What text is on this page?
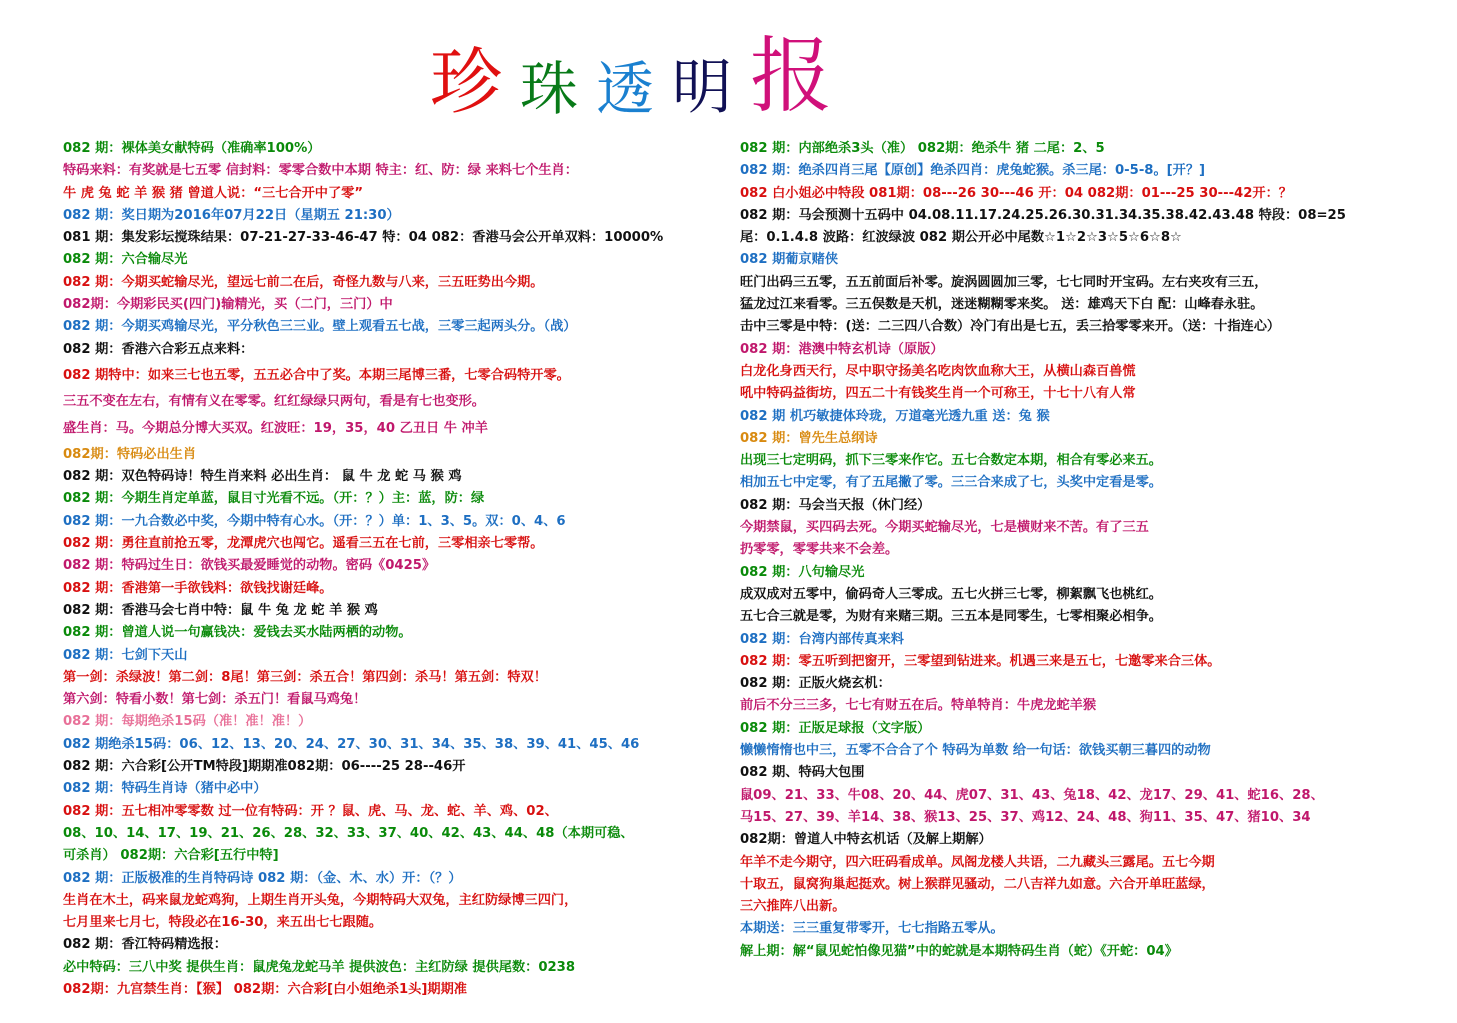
珍 珠 透 明 报
082 期：裸体美女献特码（准确率100%）
特码来料：有奖就是七五零 信封料：零零合数中本期 特主：红、防：绿 来料七个生肖：
牛 虎 兔 蛇 羊 猴 猪 曾道人说：“三七合开中了零”
082 期：奖日期为2016年07月22日（星期五 21:30）
081 期：集发彩坛搅珠结果：07-21-27-33-46-47 特：04 082：香港马会公开单双料：10000%
082 期：六合输尽光
082 期：今期买蛇输尽光，望远七前二在后，奇怪九数与八来，三五旺势出今期。
082期：今期彩民买(四门)输精光，买（二门，三门）中
082 期：今期买鸡输尽光，平分秋色三三业。壁上观看五七战，三零三起两头分。（战）
082 期：香港六合彩五点来料：
082 期特中：如来三七也五零，五五必合中了奖。本期三尾博三番，七零合码特开零。
三五不变在左右，有情有义在零零。红红绿绿只两句，看是有七也变形。
盛生肖：马。今期总分博大买双。红波旺：19，35，40 乙丑日 牛 冲羊
082期：特码必出生肖
082 期：双色特码诗！特生肖来料 必出生肖： 鼠 牛 龙 蛇 马 猴 鸡
082 期：今期生肖定单蓝，鼠目寸光看不远。（开：？）主：蓝，防：绿
082 期：一九合数必中奖，今期中特有心水。（开：？）单：1、3、5。双：0、4、6
082 期：勇往直前抢五零，龙潭虎穴也闯它。遥看三五在七前，三零相亲七零帮。
082 期：特码过生日：欲钱买最爱睡觉的动物。密码《0425》
082 期：香港第一手欲钱料：欲钱找谢廷峰。
082 期：香港马会七肖中特：鼠 牛 兔 龙 蛇 羊 猴 鸡
082 期：曾道人说一句赢钱决：爱钱去买水陆两栖的动物。
082 期：七剑下天山
第一剑：杀绿波！第二剑：8尾！第三剑：杀五合！第四剑：杀马！第五剑：特双！
第六剑：特看小数！第七剑：杀五门！看鼠马鸡兔！
082 期：每期绝杀15码（准！准！准！）
082 期绝杀15码：06、12、13、20、24、27、30、31、34、35、38、39、41、45、46
082 期：六合彩[公开TM特段]期期准082期：06----25 28--46开
082 期：特码生肖诗（猪中必中）
082 期：五七相冲零零数 过一位有特码：开 ？鼠、虎、马、龙、蛇、羊、鸡、02、
08、10、14、17、19、21、26、28、32、33、37、40、42、43、44、48（本期可稳、
可杀肖） 082期：六合彩[五行中特]
082 期：正版极准的生肖特码诗 082 期：（金、木、水）开：（？）
生肖在木土，码来鼠龙蛇鸡狗，上期生肖开头兔，今期特码大双兔，主红防绿博三四门，
七月里来七月七，特段必在16-30，来五出七七跟随。
082 期：香江特码精选报：
必中特码：三八中奖 提供生肖：鼠虎兔龙蛇马羊 提供波色：主红防绿 提供尾数：0238
082期：九宫禁生肖：【猴】 082期：六合彩[白小姐绝杀1头]期期准
082 期：内部绝杀3头（准） 082期：绝杀牛 猪 二尾：2、5
082 期：绝杀四肖三尾【原创】绝杀四肖：虎兔蛇猴。杀三尾：0-5-8。[开？]
082 白小姐必中特段 081期：08---26 30---46 开：04 082期：01---25 30---42开：？
082 期：马会预测十五码中 04.08.11.17.24.25.26.30.31.34.35.38.42.43.48 特段：08=25
尾：0.1.4.8 波路：红波绿波 082 期公开必中尾数☆1☆2☆3☆5☆6☆8☆
082 期葡京赌侠
旺门出码三五零，五五前面后补零。旋涡圆圆加三零，七七同时开宝码。左右夹攻有三五，
猛龙过江来看零。三五俣数是天机，迷迷糊糊零来奖。 送：雄鸡天下白 配：山峰春永驻。
击中三零是中特：(送：二三四八合数）冷门有出是七五，丢三拾零零来开。（送：十指连心）
082 期：港澳中特玄机诗（原版）
白龙化身西天行，尽中职守扬美名吃肉饮血称大王，从横山森百兽慌
吼中特码益街坊，四五二十有钱奖生肖一个可称王，十七十八有人常
082 期 机巧敏捷体玲珑，万道毫光透九重 送：兔 猴
082 期：曾先生总纲诗
出现三七定明码，抓下三零来作它。五七合数定本期，相合有零必来五。
相加五七中定零，有了五尾撇了零。三三合来成了七，头奖中定看是零。
082 期：马会当天报（休门经）
今期禁鼠，买四码去死。今期买蛇输尽光，七是横财来不苦。有了三五
扔零零，零零共来不会差。
082 期：八句输尽光
成双成对五零中，偷码奇人三零成。五七火拼三七零，柳絮飘飞也桃红。
五七合三就是零，为财有来赌三期。三五本是同零生，七零相聚必相争。
082 期：台湾内部传真来料
082 期：零五听到把窗开，三零望到钻进来。机遇三来是五七，七邀零来合三体。
082 期：正版火烧玄机：
前后不分三三多，七七有财五在后。特单特肖：牛虎龙蛇羊猴
082 期：正版足球报（文字版）
懒懒惰惰也中三，五零不合合了个 特码为单数 给一句话：欲钱买朝三暮四的动物
082 期、特码大包围
鼠09、21、33、牛08、20、44、虎07、31、43、兔18、42、龙17、29、41、蛇16、28、
马15、27、39、羊14、38、猴13、25、37、鸡12、24、48、狗11、35、47、猪10、34
082期：曾道人中特玄机话（及解上期解）
年羊不走今期守，四六旺码看成单。凤阁龙楼人共语，二九藏头三露尾。五七今期
十取五，鼠窝狗巢起挺欢。树上猴群见骚动，二八吉祥九如意。六合开单旺蓝绿，
三六推阵八出新。
本期送：三三重复带零开，七七指路五零从。
解上期：解“鼠见蛇怕像见猫”中的蛇就是本期特码生肖（蛇）《开蛇：04》
